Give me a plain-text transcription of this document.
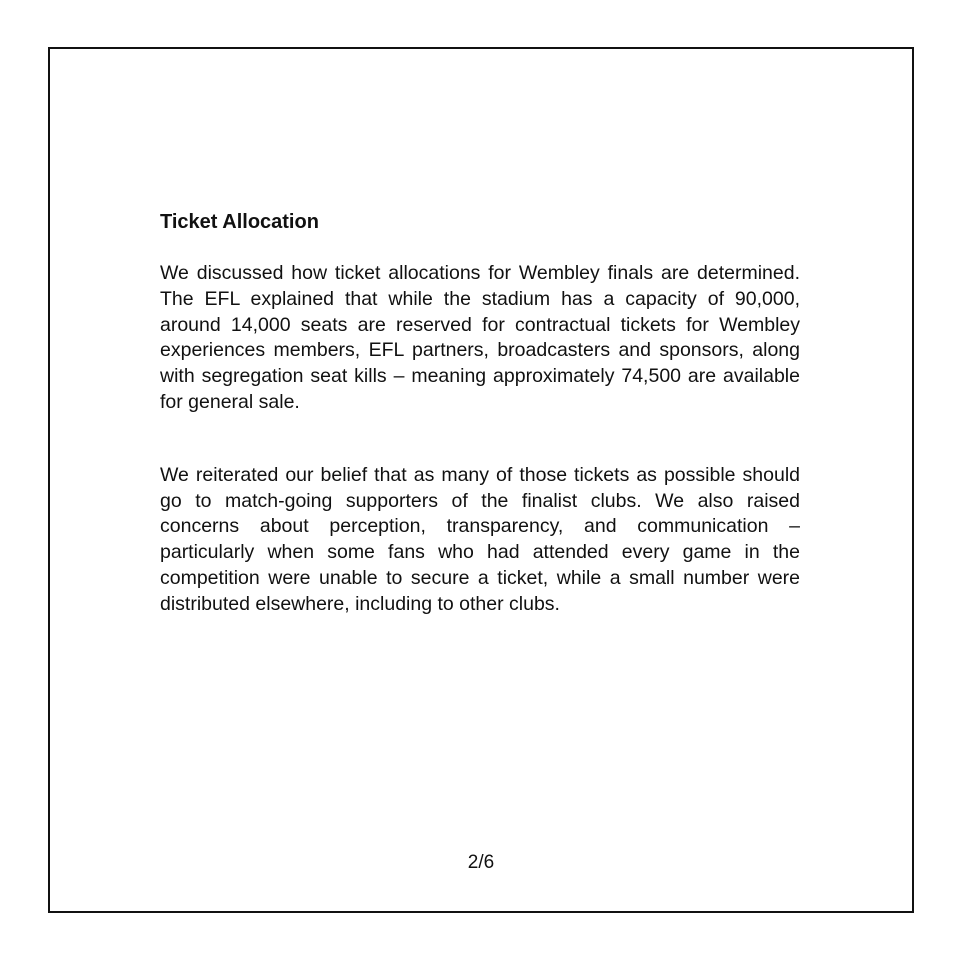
Ticket Allocation

We discussed how ticket allocations for Wembley finals are determined. The EFL explained that while the stadium has a capacity of 90,000, around 14,000 seats are reserved for contractual tickets for Wembley experiences members, EFL partners, broadcasters and sponsors, along with segregation seat kills – meaning approximately 74,500 are available for general sale.

We reiterated our belief that as many of those tickets as possible should go to match-going supporters of the finalist clubs. We also raised concerns about perception, transparency, and communication – particularly when some fans who had attended every game in the competition were unable to secure a ticket, while a small number were distributed elsewhere, including to other clubs.

2/6
